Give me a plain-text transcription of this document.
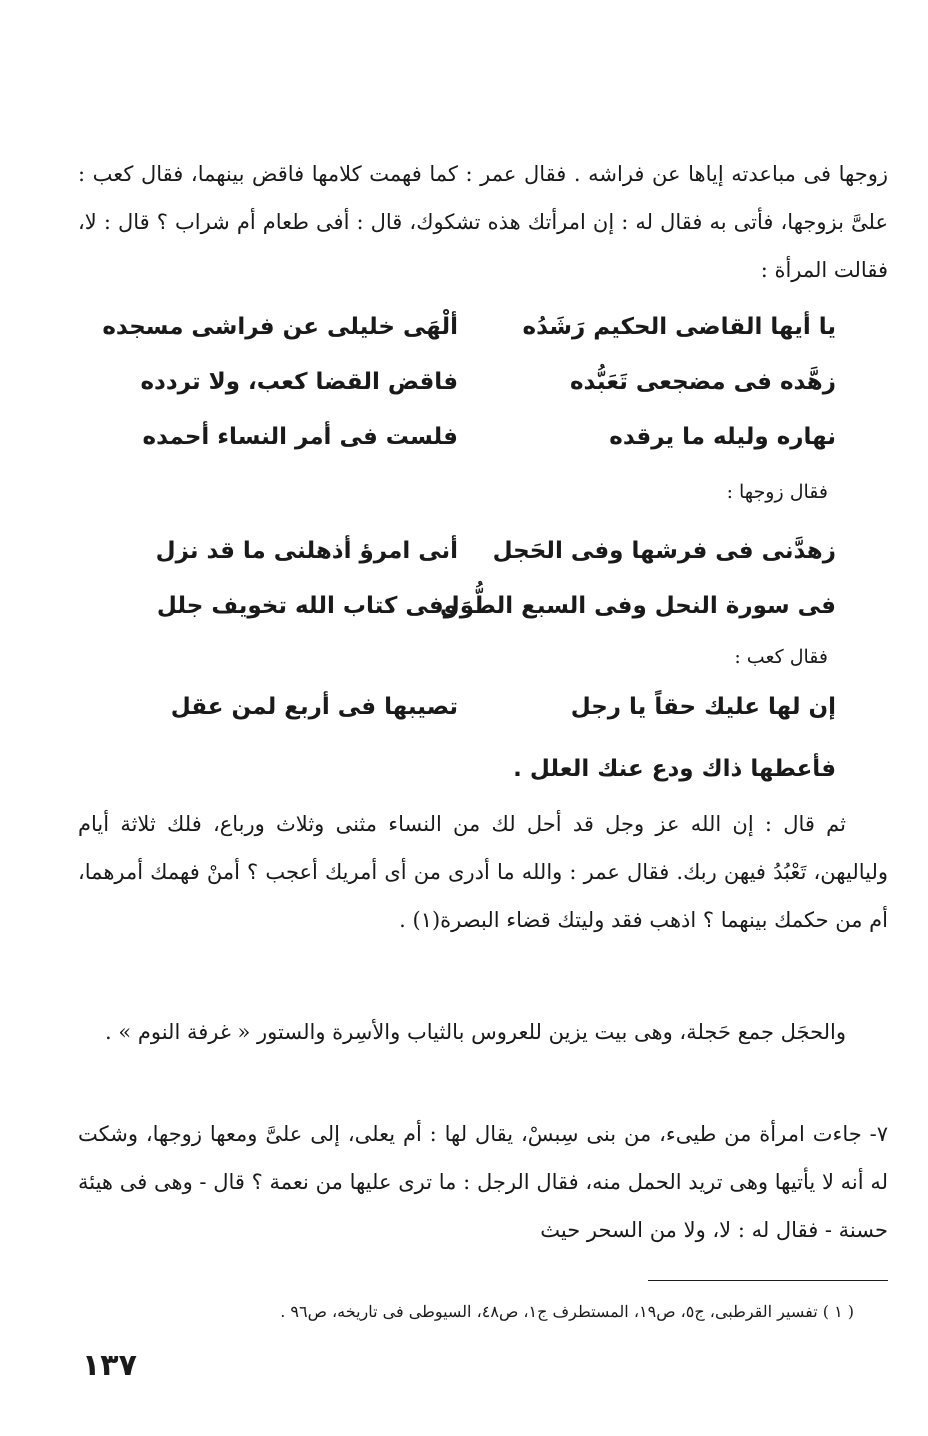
زوجها فى مباعدته إياها عن فراشه . فقال عمر : كما فهمت كلامها فاقض بينهما، فقال كعب : علىَّ بزوجها، فأتى به فقال له : إن امرأتك هذه تشكوك، قال : أفى طعام أم شراب ؟ قال : لا، فقالت المرأة :

يا أيها القاضى الحكيم رَشَدُه
ألْهَى خليلى عن فراشى مسجده
زهَّده فى مضجعى تَعَبُّده
فاقض القضا كعب، ولا تردده
نهاره وليله ما يرقده
فلست فى أمر النساء أحمده
فقال زوجها :
زهدَّنى فى فرشها وفى الحَجل
أنى امرؤ أذهلنى ما قد نزل
فى سورة النحل وفى السبع الطُّوَل
وفى كتاب الله تخويف جلل
فقال كعب :
إن لها عليك حقاً يا رجل
تصيبها فى أربع لمن عقل
فأعطها ذاك ودع عنك العلل .

ثم قال : إن الله عز وجل قد أحل لك من النساء مثنى وثلاث ورباع، فلك ثلاثة أيام ولياليهن، تَعْبُدُ فيهن ربك. فقال عمر : والله ما أدرى من أى أمريك أعجب ؟ أمنْ فهمك أمرهما، أم من حكمك بينهما ؟ اذهب فقد وليتك قضاء البصرة(١) .

والحجَل جمع حَجلة، وهى بيت يزين للعروس بالثياب والأسِرة والستور « غرفة النوم » .

٧- جاءت امرأة من طيىء، من بنى سِبسْ، يقال لها : أم يعلى، إلى علىَّ ومعها زوجها، وشكت له أنه لا يأتيها وهى تريد الحمل منه، فقال الرجل : ما ترى عليها من نعمة ؟ قال - وهى فى هيئة حسنة - فقال له : لا، ولا من السحر حيث

( ١ ) تفسير القرطبى، ج٥، ص١٩، المستطرف ج١، ص٤٨، السيوطى فى تاريخه، ص٩٦ .
١٣٧
